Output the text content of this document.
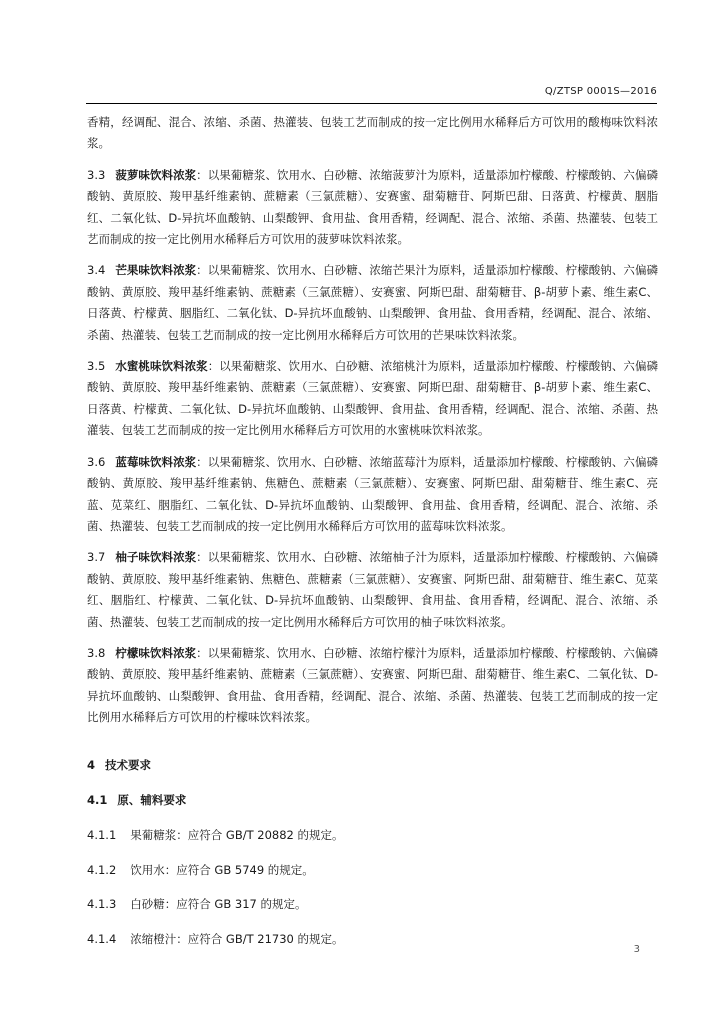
Q/ZTSP 0001S—2016

香精，经调配、混合、浓缩、杀菌、热灌装、包装工艺而制成的按一定比例用水稀释后方可饮用的酸梅味饮料浓浆。

3.3 菠萝味饮料浓浆：以果葡糖浆、饮用水、白砂糖、浓缩菠萝汁为原料，适量添加柠檬酸、柠檬酸钠、六偏磷酸钠、黄原胶、羧甲基纤维素钠、蔗糖素（三氯蔗糖）、安赛蜜、甜菊糖苷、阿斯巴甜、日落黄、柠檬黄、胭脂红、二氧化钛、D-异抗坏血酸钠、山梨酸钾、食用盐、食用香精，经调配、混合、浓缩、杀菌、热灌装、包装工艺而制成的按一定比例用水稀释后方可饮用的菠萝味饮料浓浆。

3.4 芒果味饮料浓浆：以果葡糖浆、饮用水、白砂糖、浓缩芒果汁为原料，适量添加柠檬酸、柠檬酸钠、六偏磷酸钠、黄原胶、羧甲基纤维素钠、蔗糖素（三氯蔗糖）、安赛蜜、阿斯巴甜、甜菊糖苷、β-胡萝卜素、维生素C、日落黄、柠檬黄、胭脂红、二氧化钛、D-异抗坏血酸钠、山梨酸钾、食用盐、食用香精，经调配、混合、浓缩、杀菌、热灌装、包装工艺而制成的按一定比例用水稀释后方可饮用的芒果味饮料浓浆。

3.5 水蜜桃味饮料浓浆：以果葡糖浆、饮用水、白砂糖、浓缩桃汁为原料，适量添加柠檬酸、柠檬酸钠、六偏磷酸钠、黄原胶、羧甲基纤维素钠、蔗糖素（三氯蔗糖）、安赛蜜、阿斯巴甜、甜菊糖苷、β-胡萝卜素、维生素C、日落黄、柠檬黄、二氧化钛、D-异抗坏血酸钠、山梨酸钾、食用盐、食用香精，经调配、混合、浓缩、杀菌、热灌装、包装工艺而制成的按一定比例用水稀释后方可饮用的水蜜桃味饮料浓浆。

3.6 蓝莓味饮料浓浆：以果葡糖浆、饮用水、白砂糖、浓缩蓝莓汁为原料，适量添加柠檬酸、柠檬酸钠、六偏磷酸钠、黄原胶、羧甲基纤维素钠、焦糖色、蔗糖素（三氯蔗糖）、安赛蜜、阿斯巴甜、甜菊糖苷、维生素C、亮蓝、苋菜红、胭脂红、二氧化钛、D-异抗坏血酸钠、山梨酸钾、食用盐、食用香精，经调配、混合、浓缩、杀菌、热灌装、包装工艺而制成的按一定比例用水稀释后方可饮用的蓝莓味饮料浓浆。

3.7 柚子味饮料浓浆：以果葡糖浆、饮用水、白砂糖、浓缩柚子汁为原料，适量添加柠檬酸、柠檬酸钠、六偏磷酸钠、黄原胶、羧甲基纤维素钠、焦糖色、蔗糖素（三氯蔗糖）、安赛蜜、阿斯巴甜、甜菊糖苷、维生素C、苋菜红、胭脂红、柠檬黄、二氧化钛、D-异抗坏血酸钠、山梨酸钾、食用盐、食用香精，经调配、混合、浓缩、杀菌、热灌装、包装工艺而制成的按一定比例用水稀释后方可饮用的柚子味饮料浓浆。

3.8 柠檬味饮料浓浆：以果葡糖浆、饮用水、白砂糖、浓缩柠檬汁为原料，适量添加柠檬酸、柠檬酸钠、六偏磷酸钠、黄原胶、羧甲基纤维素钠、蔗糖素（三氯蔗糖）、安赛蜜、阿斯巴甜、甜菊糖苷、维生素C、二氧化钛、D-异抗坏血酸钠、山梨酸钾、食用盐、食用香精，经调配、混合、浓缩、杀菌、热灌装、包装工艺而制成的按一定比例用水稀释后方可饮用的柠檬味饮料浓浆。

4 技术要求
4.1 原、辅料要求
4.1.1 果葡糖浆：应符合 GB/T 20882 的规定。
4.1.2 饮用水：应符合 GB 5749 的规定。
4.1.3 白砂糖：应符合 GB 317 的规定。
4.1.4 浓缩橙汁：应符合 GB/T 21730 的规定。
3
